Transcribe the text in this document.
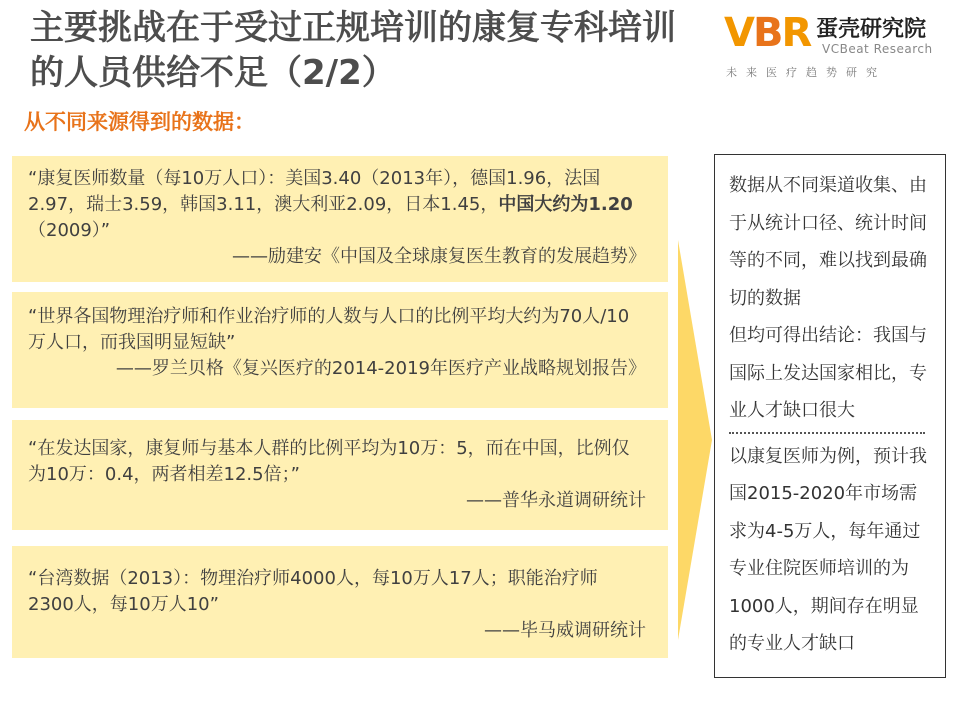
主要挑战在于受过正规培训的康复专科培训的人员供给不足（2/2）
VBR 蛋壳研究院
VCBeat Research
未来医疗趋势研究
从不同来源得到的数据：
“康复医师数量（每10万人口）：美国3.40（2013年），德国1.96，法国2.97，瑞士3.59，韩国3.11，澳大利亚2.09，日本1.45，中国大约为1.20（2009）”
——励建安《中国及全球康复医生教育的发展趋势》
“世界各国物理治疗师和作业治疗师的人数与人口的比例平均大约为70人/10万人口，而我国明显短缺”
——罗兰贝格《复兴医疗的2014-2019年医疗产业战略规划报告》
“在发达国家，康复师与基本人群的比例平均为10万：5，而在中国，比例仅为10万：0.4，两者相差12.5倍；”
——普华永道调研统计
“台湾数据（2013）：物理治疗师4000人，每10万人17人；职能治疗师2300人，每10万人10”
——毕马威调研统计

数据从不同渠道收集、由于从统计口径、统计时间等的不同，难以找到最确切的数据

但均可得出结论：我国与国际上发达国家相比，专业人才缺口很大

以康复医师为例，预计我国2015-2020年市场需求为4-5万人，每年通过专业住院医师培训的为1000人，期间存在明显的专业人才缺口
